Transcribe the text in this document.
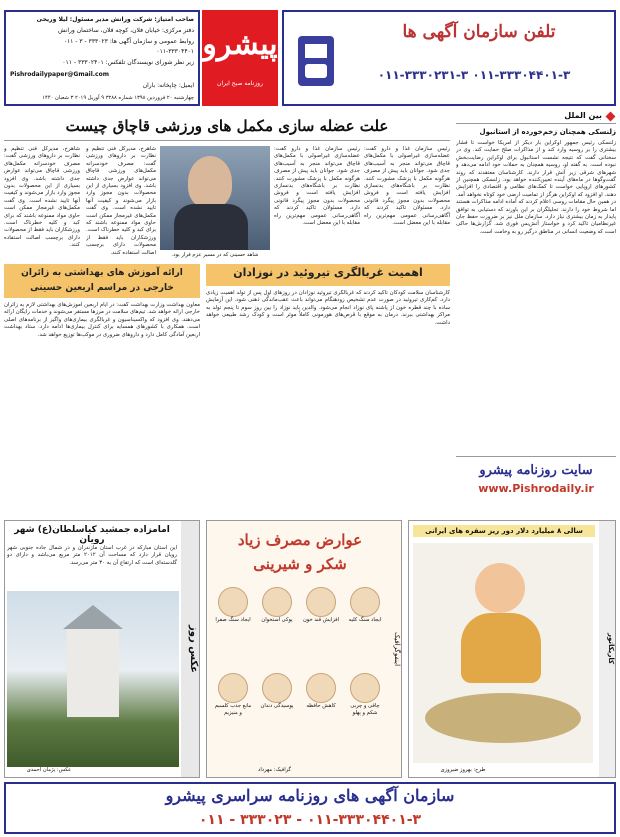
صاحب امتیاز: شرکت ورانش مدیر مسئول: لیلا وریحی
دفتر مرکزی: خیابان فلان، کوچه فلان، ساختمان ورانش
روابط عمومی و سازمان آگهی ها: ۳۳۳۰۲۳ - ۳ - ۰۱۱
۰۱۱-۳۳۳۰۴۴۰۱
زیر نظر شورای نویسندگان تلفکس: ۳۳۳۰۲۴۰۱ - ۰۱۱
Pishrodailypaper@Gmail.com
ایمیل: چاپخانه: باران
چهارشنبه ۲۰ فروردین ۱۳۹۸ شماره ۳۲۸۸ ۹ آوریل ۲۰۱۹ ۳ شعبان ۱۴۴۰
پیشرو
روزنامه صبح ایران
تلفن سازمان آگهی ها
۰۱۱-۳۳۳۰۴۴۰۱-۳ ۰۱۱-۳۳۳۰۲۳۱-۳
بین الملل
زلنسکی همچنان زخم‌خورده از استانبول
زلنسکی رئیس جمهور اوکراین بار دیگر از آمریکا خواست تا فشار بیشتری را بر روسیه وارد کند و از مذاکرات صلح حمایت کند. وی در سخنانی گفت که نتیجه نشست استانبول برای اوکراین رضایت‌بخش نبوده است. به گفته او، روسیه همچنان به حملات خود ادامه می‌دهد و شهرهای شرقی زیر آتش قرار دارند. کارشناسان معتقدند که روند گفت‌وگوها در ماه‌های آینده تعیین‌کننده خواهد بود. زلنسکی همچنین از کشورهای اروپایی خواست تا کمک‌های نظامی و اقتصادی را افزایش دهند. او افزود که اوکراین هرگز از تمامیت ارضی خود کوتاه نخواهد آمد. در همین حال مقامات روسی اعلام کردند که آماده ادامه مذاکرات هستند اما شروط خود را دارند. تحلیلگران بر این باورند که دستیابی به توافق پایدار به زمان بیشتری نیاز دارد. سازمان ملل نیز بر ضرورت حفظ جان غیرنظامیان تاکید کرد و خواستار آتش‌بس فوری شد. گزارش‌ها حاکی است که وضعیت انسانی در مناطق درگیر رو به وخامت است.
سایت روزنامه پیشرو
www.Pishrodaily.ir
علت عضله سازی مکمل های ورزشی قاچاق چیست
شاهرخ، مدیرکل فنی تنظیم و نظارت بر داروهای ورزشی گفت: مصرف خودسرانه مکمل‌های ورزشی قاچاق می‌تواند عوارض جدی داشته باشد. وی افزود بسیاری از این محصولات بدون مجوز وارد بازار می‌شوند و کیفیت آنها تایید نشده است. وی گفت مکمل‌های غیرمجاز ممکن است حاوی مواد ممنوعه باشند که برای کبد و کلیه خطرناک است. ورزشکاران باید فقط از محصولات دارای برچسب اصالت استفاده کنند.
شاهرخ، مدیرکل فنی تنظیم و نظارت بر داروهای ورزشی گفت: مصرف خودسرانه مکمل‌های ورزشی قاچاق می‌تواند عوارض جدی داشته باشد. وی افزود بسیاری از این محصولات بدون مجوز وارد بازار می‌شوند و کیفیت آنها تایید نشده است. وی گفت مکمل‌های غیرمجاز ممکن است حاوی مواد ممنوعه باشند که برای کبد و کلیه خطرناک است. ورزشکاران باید فقط از محصولات دارای برچسب اصالت استفاده کنند.	شاهد حسینی که در مسیر عزم فرار بود.
رئیس سازمان غذا و دارو گفت: عضله‌سازی غیراصولی با مکمل‌های قاچاق می‌تواند منجر به آسیب‌های جدی شود. جوانان باید پیش از مصرف هرگونه مکمل با پزشک مشورت کنند. نظارت بر باشگاه‌های بدنسازی افزایش یافته است و فروش محصولات بدون مجوز پیگرد قانونی دارد. مسئولان تاکید کردند که آگاهی‌رسانی عمومی مهم‌ترین راه مقابله با این معضل است.
رئیس سازمان غذا و دارو گفت: عضله‌سازی غیراصولی با مکمل‌های قاچاق می‌تواند منجر به آسیب‌های جدی شود. جوانان باید پیش از مصرف هرگونه مکمل با پزشک مشورت کنند. نظارت بر باشگاه‌های بدنسازی افزایش یافته است و فروش محصولات بدون مجوز پیگرد قانونی دارد. مسئولان تاکید کردند که آگاهی‌رسانی عمومی مهم‌ترین راه مقابله با این معضل است.
ارائه آموزش های بهداشتی به زائران خارجی در مراسم اربعین حسینی
معاون بهداشت وزارت بهداشت گفت: در ایام اربعین آموزش‌های بهداشتی لازم به زائران خارجی ارائه خواهد شد. تیم‌های سلامت در مرزها مستقر می‌شوند و خدمات رایگان ارائه می‌دهند. وی افزود که واکسیناسیون و غربالگری بیماری‌های واگیر از برنامه‌های اصلی است. همکاری با کشورهای همسایه برای کنترل بیماری‌ها ادامه دارد. ستاد بهداشت اربعین آمادگی کامل دارد و داروهای ضروری در موکب‌ها توزیع خواهد شد.
اهمیت غربالگری تیروئید در نوزادان
کارشناسان سلامت کودکان تاکید کردند که غربالگری تیروئید نوزادان در روزهای اول پس از تولد اهمیت زیادی دارد. کم‌کاری تیروئید در صورت عدم تشخیص زودهنگام می‌تواند باعث عقب‌ماندگی ذهنی شود. این آزمایش ساده با چند قطره خون از پاشنه پای نوزاد انجام می‌شود. والدین باید نوزاد را بین روز سوم تا پنجم تولد به مراکز بهداشتی ببرند. درمان به موقع با قرص‌های هورمونی کاملاً موثر است و کودک رشد طبیعی خواهد داشت.
عکس روز
امامزاده جمشید کیاسلطان(ع) شهر رویان
این آستان مبارکه در غرب استان مازندران و در شمال جاده جنوبی شهر رویان قرار دارد که مساحت آن ۲۰۱۲ متر مربع می‌باشد و دارای دو گلدسته‌ای است که ارتفاع آن به ۳۰ متر می‌رسد.
عکس: پژمان احمدی
اینفوگرافیک
عوارض مصرف زیاد
شکر و شیرینی
ایجاد سنگ کلیه
افزایش قند خون
پوکی استخوان
ایجاد سنگ صفرا
چاقی و چربی شکم و پهلو
کاهش حافظه
پوسیدگی دندان
مانع جذب کلسیم و منیزیم
گرافیک: مهرداد
کاریکاتور
سالی ۸ میلیارد دلار دور ریز سفره های ایرانی
طرح: بهروز ضیروزی
سازمان آگهی های روزنامه سراسری پیشرو
۰۱۱-۳۳۳۰۴۴۰۱-۳ - ۳۳۳۰۲۳ - ۰۱۱
